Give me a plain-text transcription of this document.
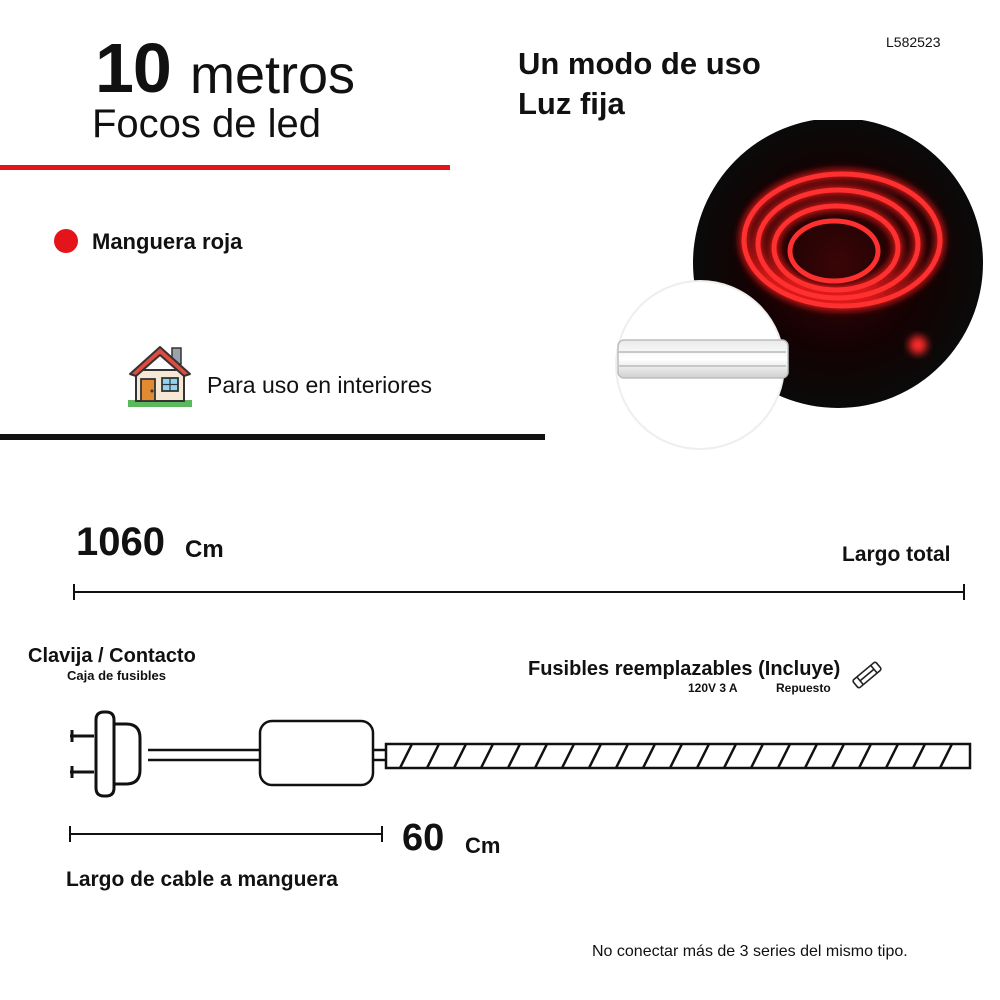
10 metros
Focos de led
L582523
Manguera roja
Para uso en interiores
Un modo de uso
Luz fija
1060 Cm	Largo total
Clavija / Contacto
Caja de fusibles	Fusibles reemplazables (Incluye)
120V 3 A	Repuesto
60 Cm
Largo de cable a manguera
No conectar más de 3 series del mismo tipo.
